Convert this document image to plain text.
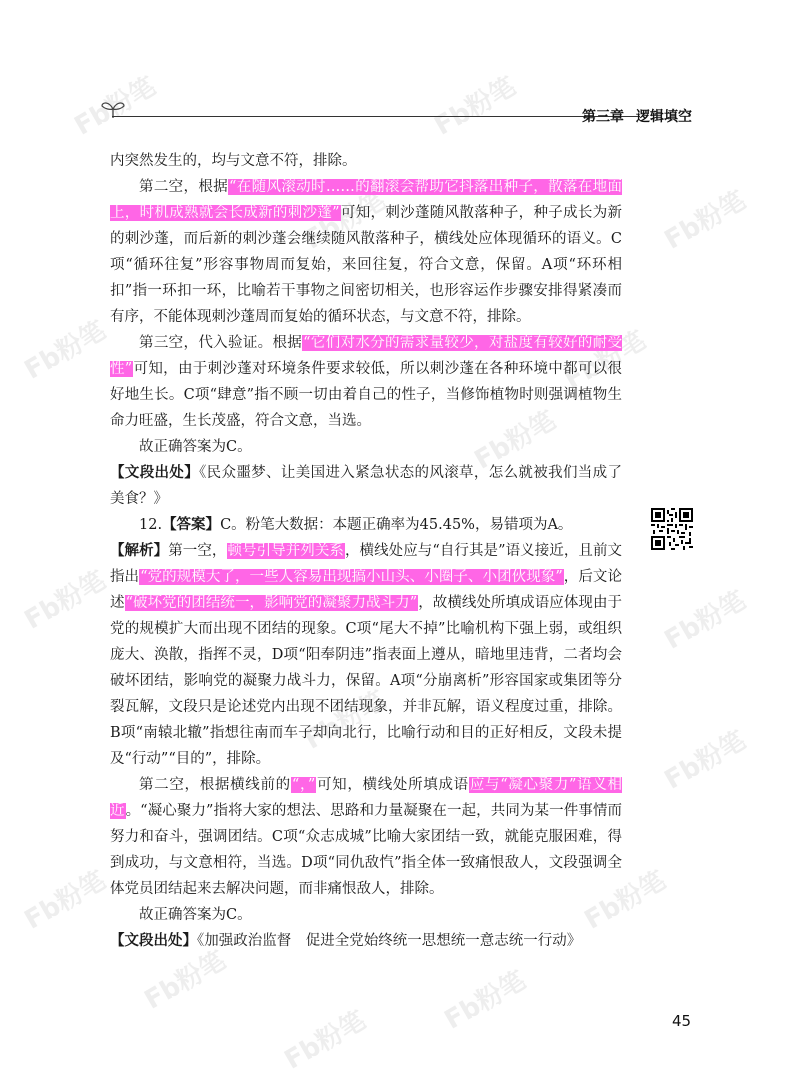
Fb粉笔	Fb粉笔
Fb粉笔	Fb粉笔
Fb粉笔	Fb粉笔
Fb粉笔
Fb粉笔	Fb粉笔
Fb粉笔
Fb粉笔
Fb粉笔	Fb粉笔
Fb粉笔	Fb粉笔
Fb粉笔
第三章 逻辑填空

内突然发生的，均与文意不符，排除。

第二空，根据“在随风滚动时……的翻滚会帮助它抖落出种子，散落在地面上，时机成熟就会长成新的刺沙蓬”可知，刺沙蓬随风散落种子，种子成长为新的刺沙蓬，而后新的刺沙蓬会继续随风散落种子，横线处应体现循环的语义。C项“循环往复”形容事物周而复始，来回往复，符合文意，保留。A项“环环相扣”指一环扣一环，比喻若干事物之间密切相关，也形容运作步骤安排得紧凑而有序，不能体现刺沙蓬周而复始的循环状态，与文意不符，排除。

第三空，代入验证。根据“它们对水分的需求量较少，对盐度有较好的耐受性”可知，由于刺沙蓬对环境条件要求较低，所以刺沙蓬在各种环境中都可以很好地生长。C项“肆意”指不顾一切由着自己的性子，当修饰植物时则强调植物生命力旺盛，生长茂盛，符合文意，当选。

故正确答案为C。

【文段出处】《民众噩梦、让美国进入紧急状态的风滚草，怎么就被我们当成了美食？》

12.【答案】C。粉笔大数据：本题正确率为45.45%，易错项为A。

【解析】第一空，顿号引导并列关系，横线处应与“自行其是”语义接近，且前文指出“党的规模大了，一些人容易出现搞小山头、小圈子、小团伙现象”，后文论述“破坏党的团结统一，影响党的凝聚力战斗力”，故横线处所填成语应体现由于党的规模扩大而出现不团结的现象。C项“尾大不掉”比喻机构下强上弱，或组织庞大、涣散，指挥不灵，D项“阳奉阴违”指表面上遵从，暗地里违背，二者均会破坏团结，影响党的凝聚力战斗力，保留。A项“分崩离析”形容国家或集团等分裂瓦解，文段只是论述党内出现不团结现象，并非瓦解，语义程度过重，排除。B项“南辕北辙”指想往南而车子却向北行，比喻行动和目的正好相反，文段未提及“行动”“目的”，排除。

第二空，根据横线前的“，”可知，横线处所填成语应与“凝心聚力”语义相近。“凝心聚力”指将大家的想法、思路和力量凝聚在一起，共同为某一件事情而努力和奋斗，强调团结。C项“众志成城”比喻大家团结一致，就能克服困难，得到成功，与文意相符，当选。D项“同仇敌忾”指全体一致痛恨敌人，文段强调全体党员团结起来去解决问题，而非痛恨敌人，排除。

故正确答案为C。

【文段出处】《加强政治监督　促进全党始终统一思想统一意志统一行动》

45
